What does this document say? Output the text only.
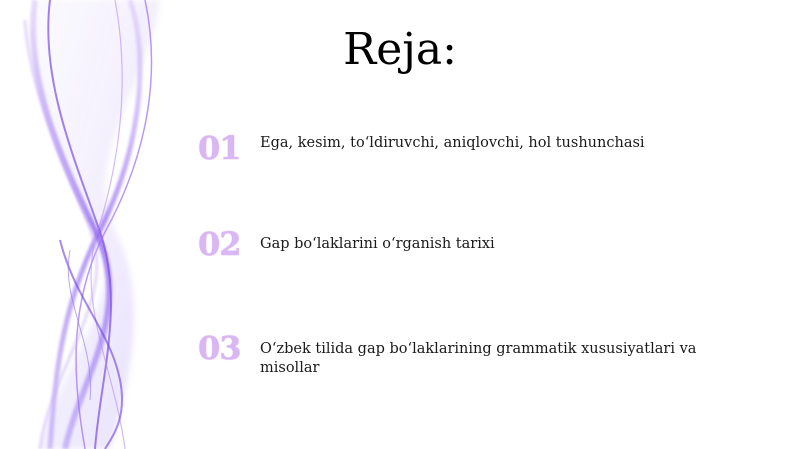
Reja:
01	Ega, kesim, to‘ldiruvchi, aniqlovchi, hol tushunchasi
02	Gap bo‘laklarini o‘rganish tarixi
03	O‘zbek tilida gap bo‘laklarining grammatik xususiyatlari va misollar
